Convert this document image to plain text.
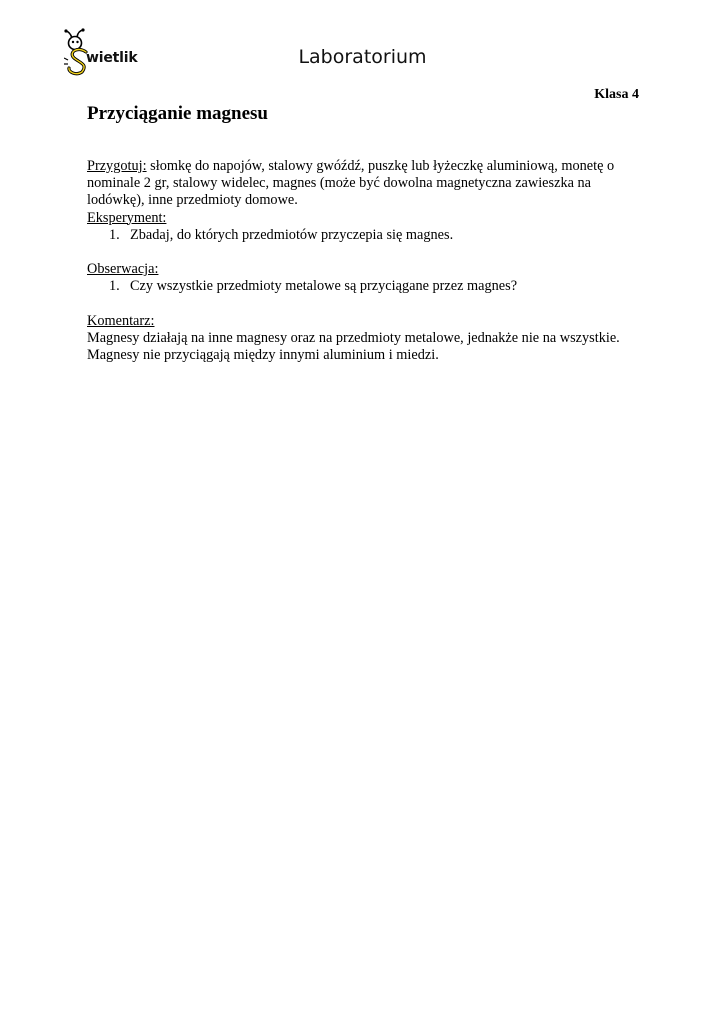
wietlik	Laboratorium
Klasa 4
Przyciąganie magnesu

Przygotuj: słomkę do napojów, stalowy gwóźdź, puszkę lub łyżeczkę aluminiową, monetę o nominale 2 gr, stalowy widelec, magnes (może być dowolna magnetyczna zawieszka na lodówkę), inne przedmioty domowe.

Eksperyment:

1. Zbadaj, do których przedmiotów przyczepia się magnes.

Obserwacja:

1. Czy wszystkie przedmioty metalowe są przyciągane przez magnes?

Komentarz:

Magnesy działają na inne magnesy oraz na przedmioty metalowe, jednakże nie na wszystkie.

Magnesy nie przyciągają między innymi aluminium i miedzi.
